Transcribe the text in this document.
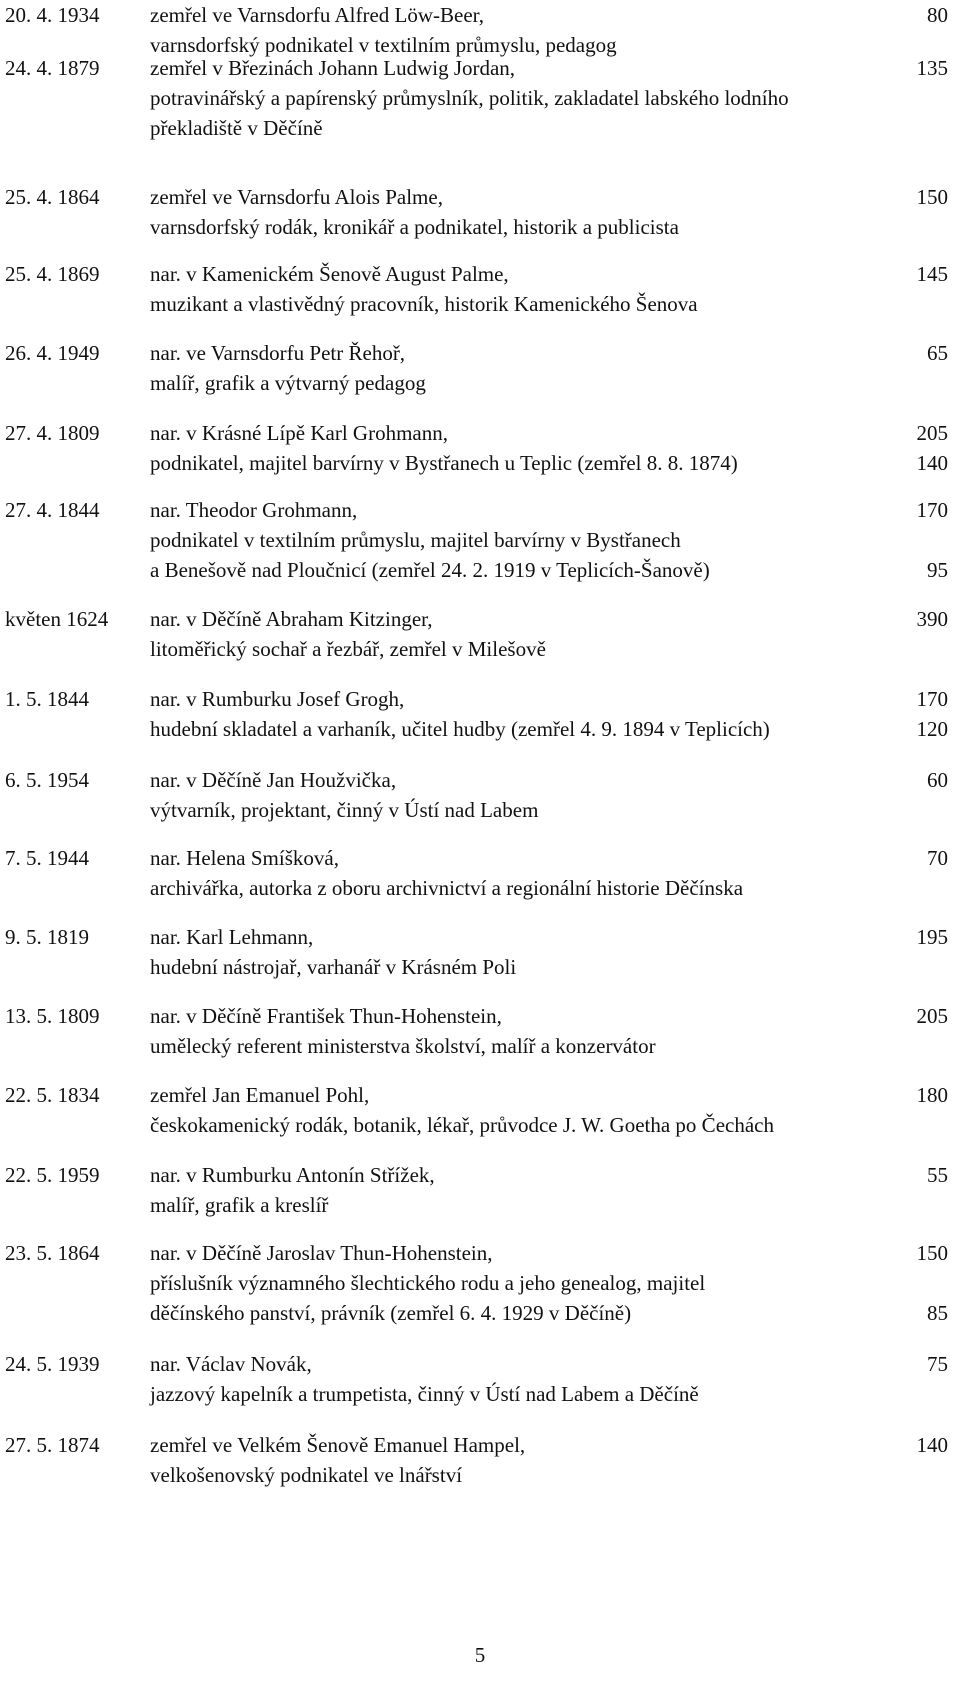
20. 4. 1934 zemřel ve Varnsdorfu Alfred Löw-Beer,	80
varnsdorfský podnikatel v textilním průmyslu, pedagog
24. 4. 1879 zemřel v Březinách Johann Ludwig Jordan,	135
potravinářský a papírenský průmyslník, politik, zakladatel labského lodního
překladiště v Děčíně
25. 4. 1864 zemřel ve Varnsdorfu Alois Palme,	150
varnsdorfský rodák, kronikář a podnikatel, historik a publicista
25. 4. 1869 nar. v Kamenickém Šenově August Palme,	145
muzikant a vlastivědný pracovník, historik Kamenického Šenova
26. 4. 1949 nar. ve Varnsdorfu Petr Řehoř,	65
malíř, grafik a výtvarný pedagog
27. 4. 1809 nar. v Krásné Lípě Karl Grohmann,	205
podnikatel, majitel barvírny v Bystřanech u Teplic (zemřel 8. 8. 1874)	140
27. 4. 1844 nar. Theodor Grohmann,	170
podnikatel v textilním průmyslu, majitel barvírny v Bystřanech
a Benešově nad Ploučnicí (zemřel 24. 2. 1919 v Teplicích-Šanově)	95
květen 1624 nar. v Děčíně Abraham Kitzinger,	390
litoměřický sochař a řezbář, zemřel v Milešově
1. 5. 1844	nar. v Rumburku Josef Grogh,	170
hudební skladatel a varhaník, učitel hudby (zemřel 4. 9. 1894 v Teplicích)	120
6. 5. 1954	nar. v Děčíně Jan Houžvička,	60
výtvarník, projektant, činný v Ústí nad Labem
7. 5. 1944	nar. Helena Smíšková,	70
archivářka, autorka z oboru archivnictví a regionální historie Děčínska
9. 5. 1819	nar. Karl Lehmann,	195
hudební nástrojař, varhanář v Krásném Poli
13. 5. 1809 nar. v Děčíně František Thun-Hohenstein,	205
umělecký referent ministerstva školství, malíř a konzervátor
22. 5. 1834 zemřel Jan Emanuel Pohl,	180
českokamenický rodák, botanik, lékař, průvodce J. W. Goetha po Čechách
22. 5. 1959 nar. v Rumburku Antonín Střížek,	55
malíř, grafik a kreslíř
23. 5. 1864 nar. v Děčíně Jaroslav Thun-Hohenstein,	150
příslušník významného šlechtického rodu a jeho genealog, majitel
děčínského panství, právník (zemřel 6. 4. 1929 v Děčíně)	85
24. 5. 1939 nar. Václav Novák,	75
jazzový kapelník a trumpetista, činný v Ústí nad Labem a Děčíně
27. 5. 1874 zemřel ve Velkém Šenově Emanuel Hampel,	140
velkošenovský podnikatel ve lnářství
5
